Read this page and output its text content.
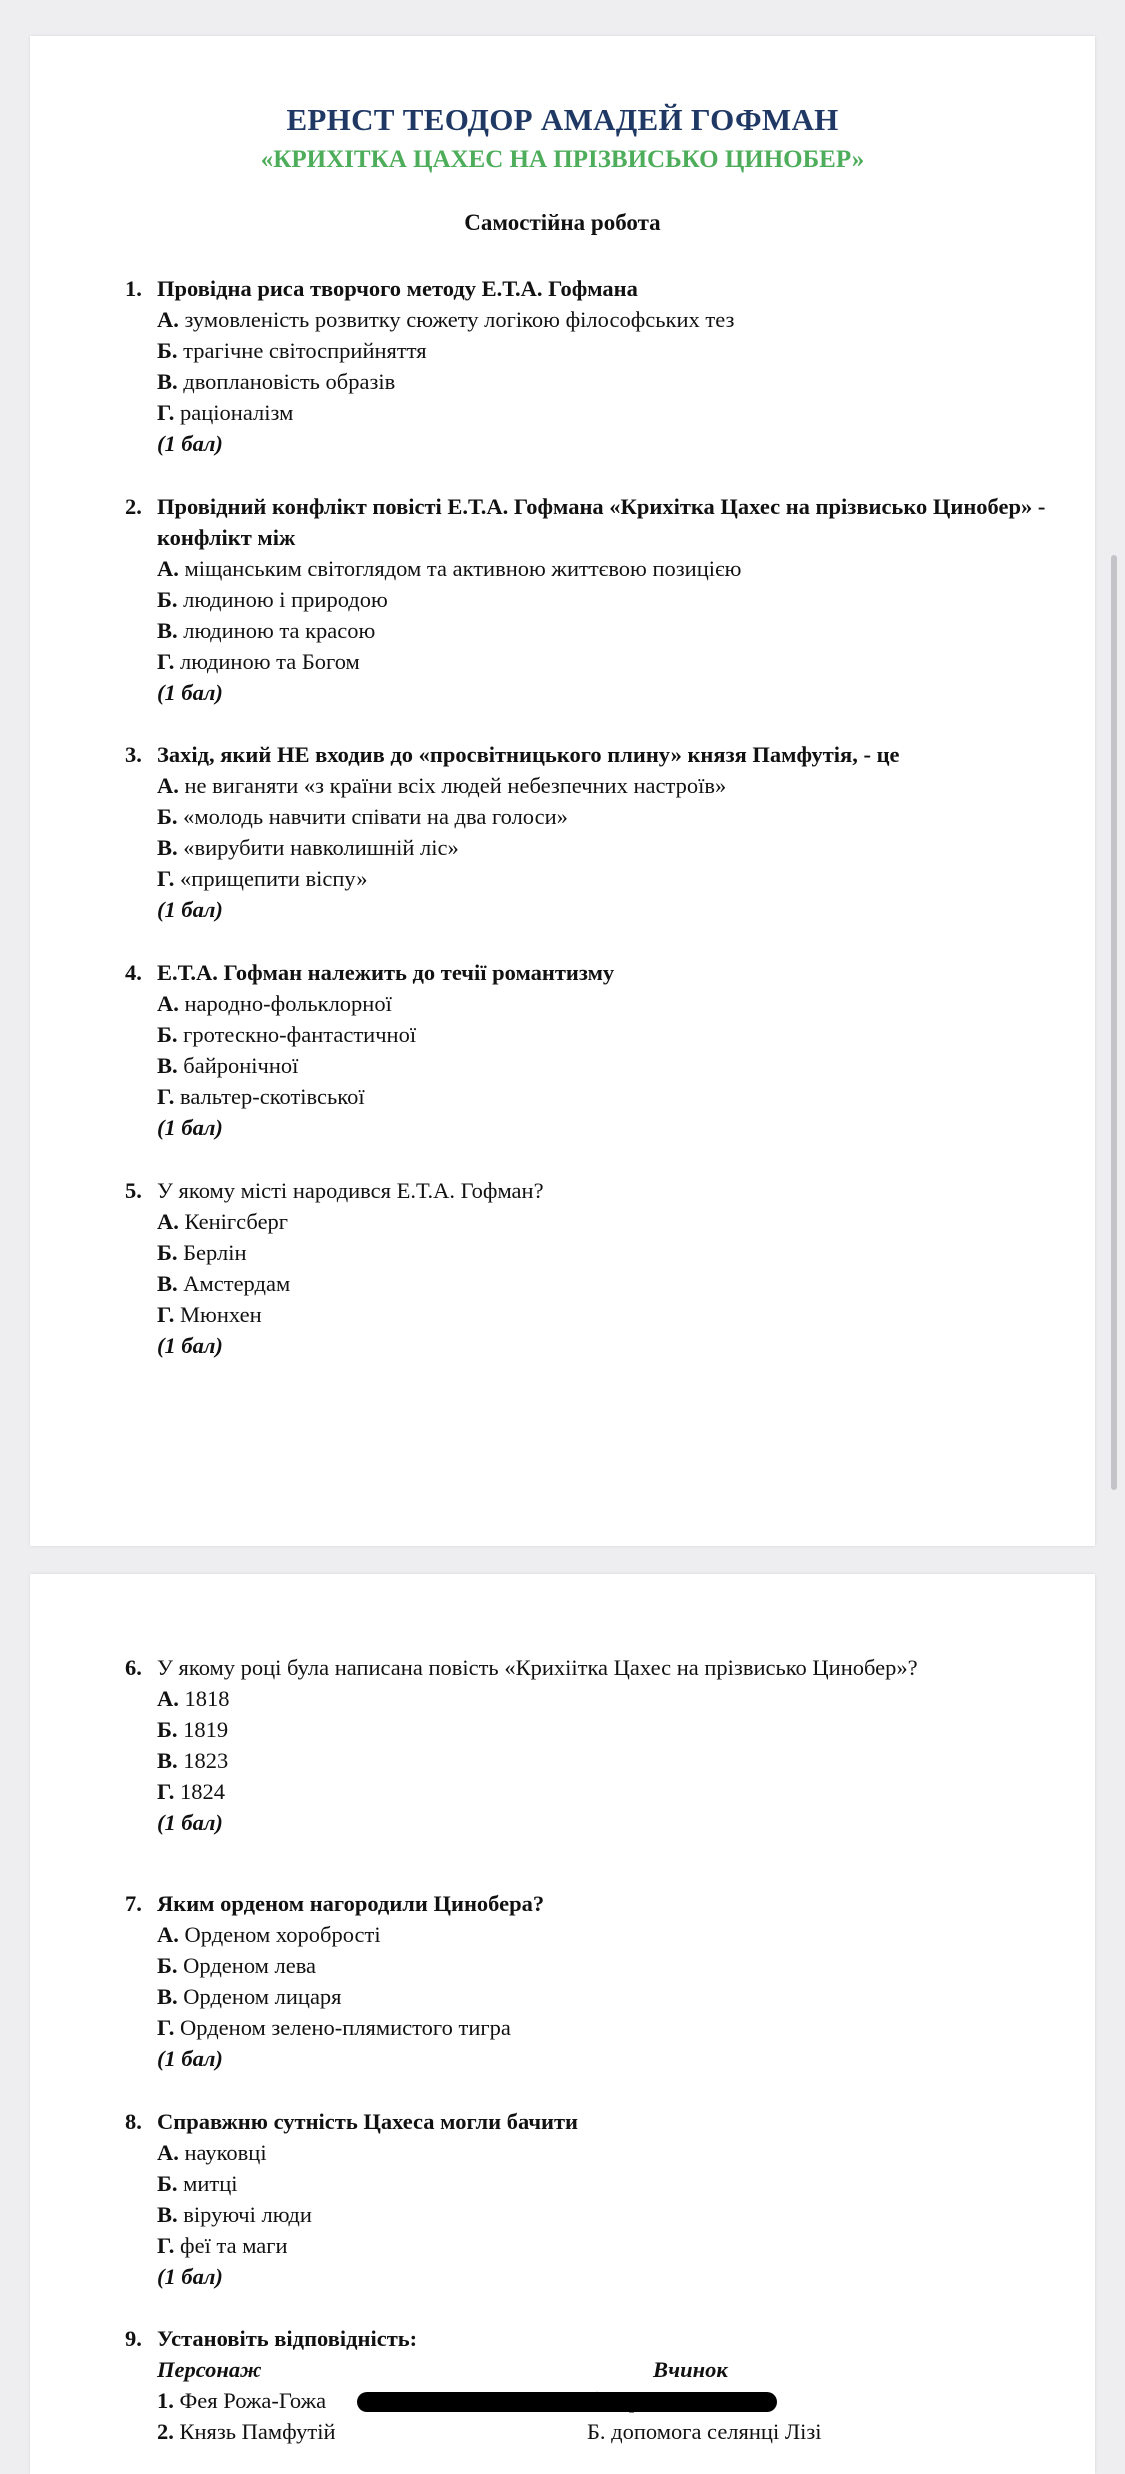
ЕРНСТ ТЕОДОР АМАДЕЙ ГОФМАН
«КРИХІТКА ЦАХЕС НА ПРІЗВИСЬКО ЦИНОБЕР»
Самостійна робота
1. Провідна риса творчого методу Е.Т.А. Гофмана
А. зумовленість розвитку сюжету логікою філософських тез
Б. трагічне світосприйняття
В. двоплановість образів
Г. раціоналізм
(1 бал)
2. Провідний конфлікт повісті Е.Т.А. Гофмана «Крихітка Цахес на прізвисько Цинобер» - конфлікт між
А. міщанським світоглядом та активною життєвою позицією
Б. людиною і природою
В. людиною та красою
Г. людиною та Богом
(1 бал)
3. Захід, який НЕ входив до «просвітницького плину» князя Памфутія, - це
А. не виганяти «з країни всіх людей небезпечних настроїв»
Б. «молодь навчити співати на два голоси»
В. «вирубити навколишній ліс»
Г. «прищепити віспу»
(1 бал)
4. Е.Т.А. Гофман належить до течії романтизму
А. народно-фольклорної
Б. гротескно-фантастичної
В. байронічної
Г. вальтер-скотівської
(1 бал)
5. У якому місті народився Е.Т.А. Гофман?
А. Кенігсберг
Б. Берлін
В. Амстердам
Г. Мюнхен
(1 бал)
6. У якому році була написана повість «Крихіітка Цахес на прізвисько Цинобер»?
А. 1818
Б. 1819
В. 1823
Г. 1824
(1 бал)
7. Яким орденом нагородили Цинобера?
А. Орденом хоробрості
Б. Орденом лева
В. Орденом лицаря
Г. Орденом зелено-плямистого тигра
(1 бал)
8. Справжню сутність Цахеса могли бачити
А. науковці
Б. митці
В. віруючі люди
Г. феї та маги
(1 бал)
9. Установіть відповідність:
Персонаж	Вчинок
1. Фея Рожа-Гожа
2. Князь Памфутій	Б. допомога селянці Лізі
